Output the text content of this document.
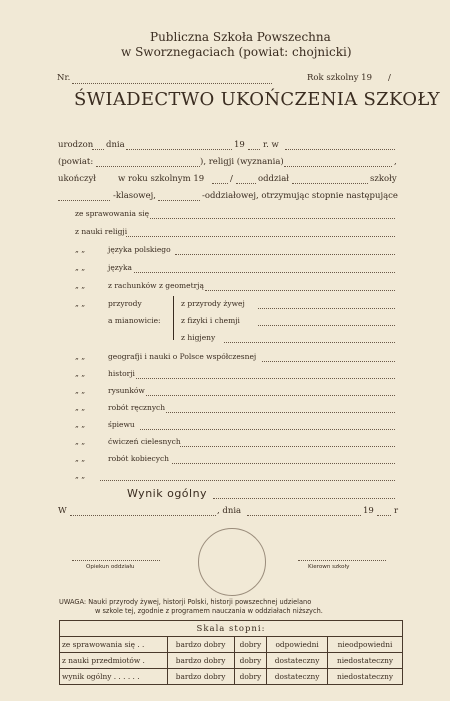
Publiczna Szkoła Powszechna
w Sworznegaciach (powiat: chojnicki)
Nr.	Rok szkolny 19 /
ŚWIADECTWO UKOŃCZENIA SZKOŁY
urodzon dnia	19 r. w
(powiat:	), religji (wyznania)	,
ukończył	w roku szkolnym 19	/	oddział	szkoły
-klasowej,	-oddziałowej, otrzymując stopnie następujące
ze sprawowania się
z nauki religji
„ „	języka polskiego
„ „	języka
„ „	z rachunków z geometrją
„ „	przyrody
a mianowicie:
z przyrody żywej
z fizyki i chemji
z higjeny
„ „	geografji i nauki o Polsce współczesnej
„ „	historji
„ „	rysunków
„ „	robót ręcznych
„ „	śpiewu
„ „	ćwiczeń cielesnych
„ „	robót kobiecych
„ „
Wynik ogólny
W	, dnia	19 r
Opiekun oddziału	Kierown szkoły
UWAGA: Nauki przyrody żywej, historji Polski, historji powszechnej udzielano
w szkole tej, zgodnie z programem nauczania w oddziałach niższych.
Skala stopni:				
ze sprawowania się . .	bardzo dobry	dobry	odpowiedni	nieodpowiedni
z nauki przedmiotów .	bardzo dobry	dobry	dostateczny	niedostateczny
wynik ogólny . . . . . .	bardzo dobry	dobry	dostateczny	niedostateczny
